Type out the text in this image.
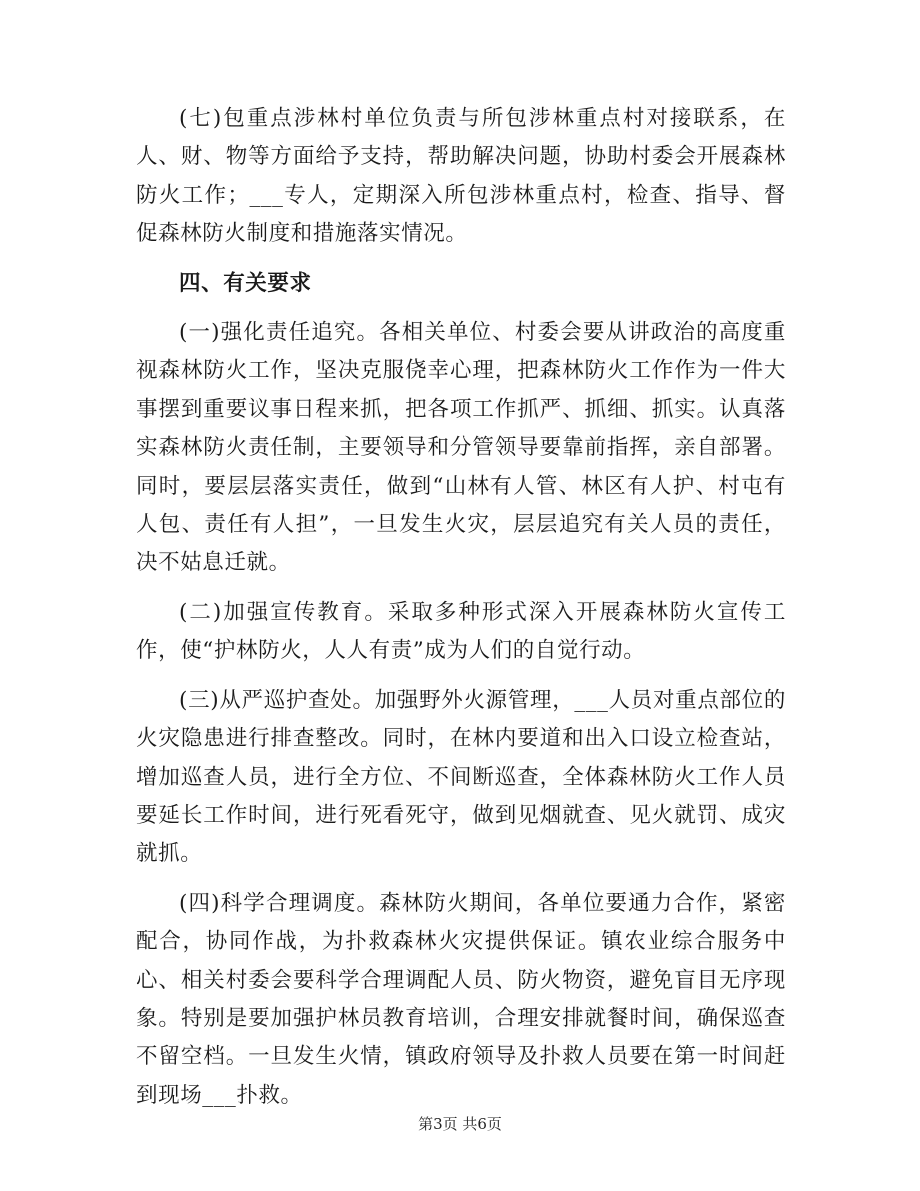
(七)包重点涉林村单位负责与所包涉林重点村对接联系，在人、财、物等方面给予支持，帮助解决问题，协助村委会开展森林防火工作；___专人，定期深入所包涉林重点村，检查、指导、督促森林防火制度和措施落实情况。

四、有关要求

(一)强化责任追究。各相关单位、村委会要从讲政治的高度重视森林防火工作，坚决克服侥幸心理，把森林防火工作作为一件大事摆到重要议事日程来抓，把各项工作抓严、抓细、抓实。认真落实森林防火责任制，主要领导和分管领导要靠前指挥，亲自部署。同时，要层层落实责任，做到“山林有人管、林区有人护、村屯有人包、责任有人担”，一旦发生火灾，层层追究有关人员的责任，决不姑息迁就。

(二)加强宣传教育。采取多种形式深入开展森林防火宣传工作，使“护林防火，人人有责”成为人们的自觉行动。

(三)从严巡护查处。加强野外火源管理，___人员对重点部位的火灾隐患进行排查整改。同时，在林内要道和出入口设立检查站，增加巡查人员，进行全方位、不间断巡查，全体森林防火工作人员要延长工作时间，进行死看死守，做到见烟就查、见火就罚、成灾就抓。

(四)科学合理调度。森林防火期间，各单位要通力合作，紧密配合，协同作战，为扑救森林火灾提供保证。镇农业综合服务中心、相关村委会要科学合理调配人员、防火物资，避免盲目无序现象。特别是要加强护林员教育培训，合理安排就餐时间，确保巡查不留空档。一旦发生火情，镇政府领导及扑救人员要在第一时间赶到现场___扑救。

第3页 共6页
